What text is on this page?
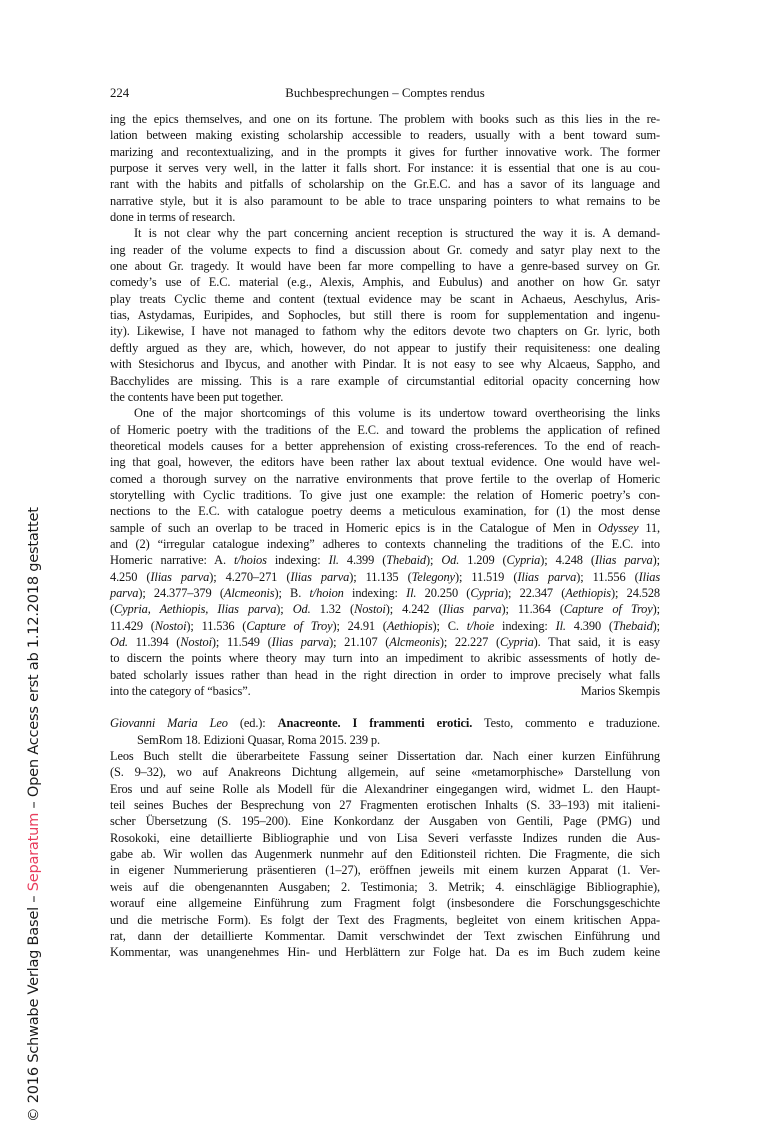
© 2016 Schwabe Verlag Basel – Separatum – Open Access erst ab 1.12.2018 gestattet
224	Buchbesprechungen – Comptes rendus
ing the epics themselves, and one on its fortune. The problem with books such as this lies in the re-
lation between making existing scholarship accessible to readers, usually with a bent toward sum-
marizing and recontextualizing, and in the prompts it gives for further innovative work. The former
purpose it serves very well, in the latter it falls short. For instance: it is essential that one is au cou-
rant with the habits and pitfalls of scholarship on the Gr.E.C. and has a savor of its language and
narrative style, but it is also paramount to be able to trace unsparing pointers to what remains to be
done in terms of research.
It is not clear why the part concerning ancient reception is structured the way it is. A demand-
ing reader of the volume expects to find a discussion about Gr. comedy and satyr play next to the
one about Gr. tragedy. It would have been far more compelling to have a genre-based survey on Gr.
comedy’s use of E.C. material (e.g., Alexis, Amphis, and Eubulus) and another on how Gr. satyr
play treats Cyclic theme and content (textual evidence may be scant in Achaeus, Aeschylus, Aris-
tias, Astydamas, Euripides, and Sophocles, but still there is room for supplementation and ingenu-
ity). Likewise, I have not managed to fathom why the editors devote two chapters on Gr. lyric, both
deftly argued as they are, which, however, do not appear to justify their requisiteness: one dealing
with Stesichorus and Ibycus, and another with Pindar. It is not easy to see why Alcaeus, Sappho, and
Bacchylides are missing. This is a rare example of circumstantial editorial opacity concerning how
the contents have been put together.
One of the major shortcomings of this volume is its undertow toward overtheorising the links
of Homeric poetry with the traditions of the E.C. and toward the problems the application of refined
theoretical models causes for a better apprehension of existing cross-references. To the end of reach-
ing that goal, however, the editors have been rather lax about textual evidence. One would have wel-
comed a thorough survey on the narrative environments that prove fertile to the overlap of Homeric
storytelling with Cyclic traditions. To give just one example: the relation of Homeric poetry’s con-
nections to the E.C. with catalogue poetry deems a meticulous examination, for (1) the most dense
sample of such an overlap to be traced in Homeric epics is in the Catalogue of Men in Odyssey 11,
and (2) “irregular catalogue indexing” adheres to contexts channeling the traditions of the E.C. into
Homeric narrative: A. t/hoios indexing: Il. 4.399 (Thebaid); Od. 1.209 (Cypria); 4.248 (Ilias parva);
4.250 (Ilias parva); 4.270–271 (Ilias parva); 11.135 (Telegony); 11.519 (Ilias parva); 11.556 (Ilias
parva); 24.377–379 (Alcmeonis); B. t/hoion indexing: Il. 20.250 (Cypria); 22.347 (Aethiopis); 24.528
(Cypria, Aethiopis, Ilias parva); Od. 1.32 (Nostoi); 4.242 (Ilias parva); 11.364 (Capture of Troy);
11.429 (Nostoi); 11.536 (Capture of Troy); 24.91 (Aethiopis); C. t/hoie indexing: Il. 4.390 (Thebaid);
Od. 11.394 (Nostoi); 11.549 (Ilias parva); 21.107 (Alcmeonis); 22.227 (Cypria). That said, it is easy
to discern the points where theory may turn into an impediment to akribic assessments of hotly de-
bated scholarly issues rather than head in the right direction in order to improve precisely what falls
into the category of “basics”.	Marios Skempis
Giovanni Maria Leo (ed.): Anacreonte. I frammenti erotici. Testo, commento e traduzione.
SemRom 18. Edizioni Quasar, Roma 2015. 239 p.
Leos Buch stellt die überarbeitete Fassung seiner Dissertation dar. Nach einer kurzen Einführung
(S. 9–32), wo auf Anakreons Dichtung allgemein, auf seine «metamorphische» Darstellung von
Eros und auf seine Rolle als Modell für die Alexandriner eingegangen wird, widmet L. den Haupt-
teil seines Buches der Besprechung von 27 Fragmenten erotischen Inhalts (S. 33–193) mit italieni-
scher Übersetzung (S. 195–200). Eine Konkordanz der Ausgaben von Gentili, Page (PMG) und
Rosokoki, eine detaillierte Bibliographie und von Lisa Severi verfasste Indizes runden die Aus-
gabe ab. Wir wollen das Augenmerk nunmehr auf den Editionsteil richten. Die Fragmente, die sich
in eigener Nummerierung präsentieren (1–27), eröffnen jeweils mit einem kurzen Apparat (1. Ver-
weis auf die obengenannten Ausgaben; 2. Testimonia; 3. Metrik; 4. einschlägige Bibliographie),
worauf eine allgemeine Einführung zum Fragment folgt (insbesondere die Forschungsgeschichte
und die metrische Form). Es folgt der Text des Fragments, begleitet von einem kritischen Appa-
rat, dann der detaillierte Kommentar. Damit verschwindet der Text zwischen Einführung und
Kommentar, was unangenehmes Hin- und Herblättern zur Folge hat. Da es im Buch zudem keine
